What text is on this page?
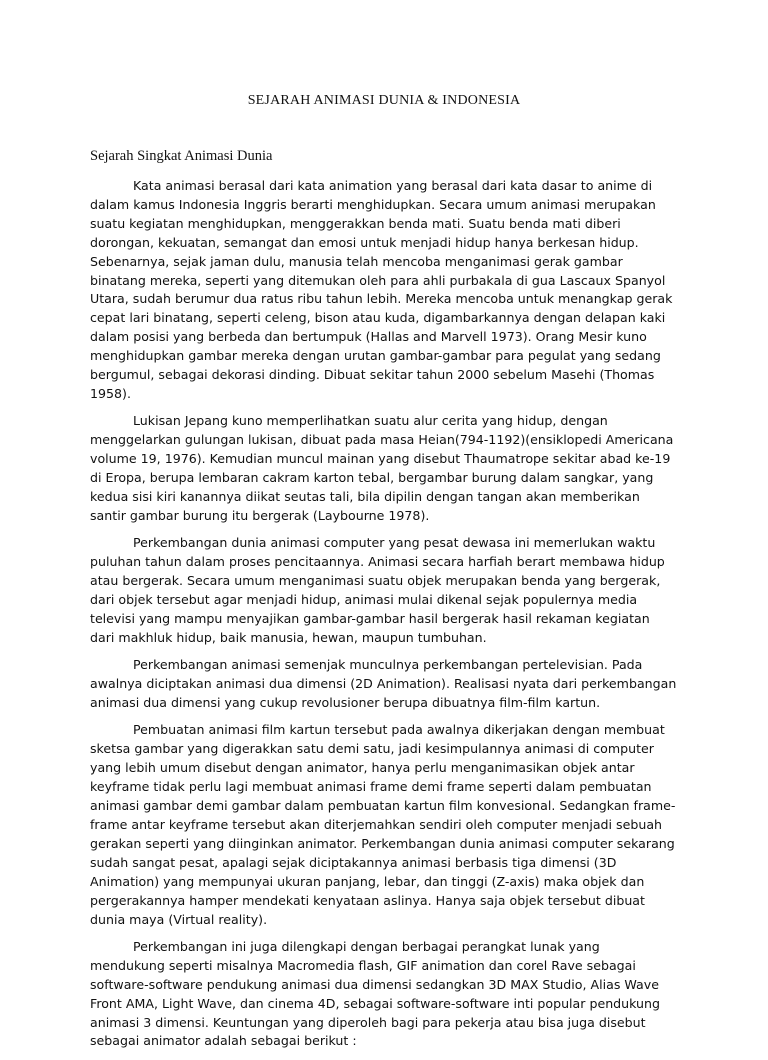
SEJARAH ANIMASI DUNIA & INDONESIA
Sejarah Singkat Animasi Dunia

Kata animasi berasal dari kata animation yang berasal dari kata dasar to anime di dalam kamus Indonesia Inggris berarti menghidupkan. Secara umum animasi merupakan suatu kegiatan menghidupkan, menggerakkan benda mati. Suatu benda mati diberi dorongan, kekuatan, semangat dan emosi untuk menjadi hidup hanya berkesan hidup. Sebenarnya, sejak jaman dulu, manusia telah mencoba menganimasi gerak gambar binatang mereka, seperti yang ditemukan oleh para ahli purbakala di gua Lascaux Spanyol Utara, sudah berumur dua ratus ribu tahun lebih. Mereka mencoba untuk menangkap gerak cepat lari binatang, seperti celeng, bison atau kuda, digambarkannya dengan delapan kaki dalam posisi yang berbeda dan bertumpuk (Hallas and Marvell 1973). Orang Mesir kuno menghidupkan gambar mereka dengan urutan gambar-gambar para pegulat yang sedang bergumul, sebagai dekorasi dinding. Dibuat sekitar tahun 2000 sebelum Masehi (Thomas 1958).

Lukisan Jepang kuno memperlihatkan suatu alur cerita yang hidup, dengan menggelarkan gulungan lukisan, dibuat pada masa Heian(794-1192)(ensiklopedi Americana volume 19, 1976). Kemudian muncul mainan yang disebut Thaumatrope sekitar abad ke-19 di Eropa, berupa lembaran cakram karton tebal, bergambar burung dalam sangkar, yang kedua sisi kiri kanannya diikat seutas tali, bila dipilin dengan tangan akan memberikan santir gambar burung itu bergerak (Laybourne 1978).

Perkembangan dunia animasi computer yang pesat dewasa ini memerlukan waktu puluhan tahun dalam proses pencitaannya. Animasi secara harfiah berart membawa hidup atau bergerak. Secara umum menganimasi suatu objek merupakan benda yang bergerak, dari objek tersebut agar menjadi hidup, animasi mulai dikenal sejak populernya media televisi yang mampu menyajikan gambar-gambar hasil bergerak hasil rekaman kegiatan dari makhluk hidup, baik manusia, hewan, maupun tumbuhan.

Perkembangan animasi semenjak munculnya perkembangan pertelevisian. Pada awalnya diciptakan animasi dua dimensi (2D Animation). Realisasi nyata dari perkembangan animasi dua dimensi yang cukup revolusioner berupa dibuatnya film-film kartun.

Pembuatan animasi film kartun tersebut pada awalnya dikerjakan dengan membuat sketsa gambar yang digerakkan satu demi satu, jadi kesimpulannya animasi di computer yang lebih umum disebut dengan animator, hanya perlu menganimasikan objek antar keyframe tidak perlu lagi membuat animasi frame demi frame seperti dalam pembuatan animasi gambar demi gambar dalam pembuatan kartun film konvesional. Sedangkan frame-frame antar keyframe tersebut akan diterjemahkan sendiri oleh computer menjadi sebuah gerakan seperti yang diinginkan animator. Perkembangan dunia animasi computer sekarang sudah sangat pesat, apalagi sejak diciptakannya animasi berbasis tiga dimensi (3D Animation) yang mempunyai ukuran panjang, lebar, dan tinggi (Z-axis) maka objek dan pergerakannya hamper mendekati kenyataan aslinya. Hanya saja objek tersebut dibuat dunia maya (Virtual reality).

Perkembangan ini juga dilengkapi dengan berbagai perangkat lunak yang mendukung seperti misalnya Macromedia flash, GIF animation dan corel Rave sebagai software-software pendukung animasi dua dimensi sedangkan 3D MAX Studio, Alias Wave Front AMA, Light Wave, dan cinema 4D, sebagai software-software inti popular pendukung animasi 3 dimensi. Keuntungan yang diperoleh bagi para pekerja atau bisa juga disebut sebagai animator adalah sebagai berikut :
